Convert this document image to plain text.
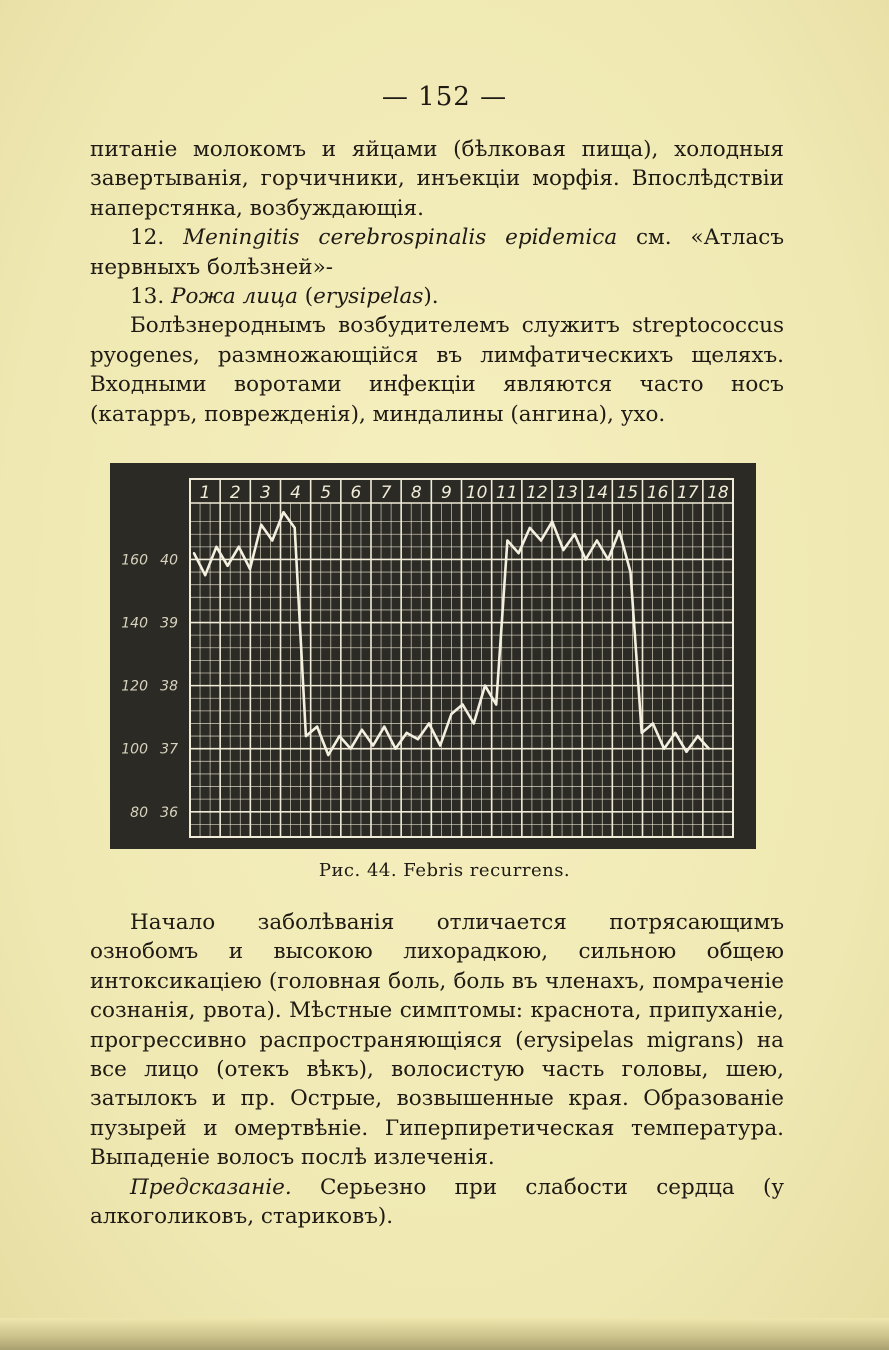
— 152 —

питаніе молокомъ и яйцами (бѣлковая пища), холодныя завертыванія, горчичники, инъекціи морфія. Впослѣдствіи наперстянка, возбуждающія.

12. Meningitis cerebrospinalis epidemica см. «Атласъ нервныхъ болѣзней»-

13. Рожа лица (erysipelas).

Болѣзнероднымъ возбудителемъ служитъ streptococcus pyogenes, размножающійся въ лимфатическихъ щеляхъ. Входными воротами инфекціи являются часто носъ (катарръ, поврежденія), миндалины (ангина), ухо.

1 2 3 4 5 6 7 8 9 10 11 12 13 14 15 16 17 18
160 40
140 39
120 38
100 37
80 36
Рис. 44. Febris recurrens.

Начало заболѣванія отличается потрясающимъ ознобомъ и высокою лихорадкою, сильною общею интоксикаціею (головная боль, боль въ членахъ, помраченіе сознанія, рвота). Мѣстные симптомы: краснота, припуханіе, прогрессивно распространяющіяся (erysipelas migrans) на все лицо (отекъ вѣкъ), волосистую часть головы, шею, затылокъ и пр. Острые, возвышенные края. Образованіе пузырей и омертвѣніе. Гиперпиретическая температура. Выпаденіе волосъ послѣ излеченія.

Предсказаніе. Серьезно при слабости сердца (у алкоголиковъ, стариковъ).
